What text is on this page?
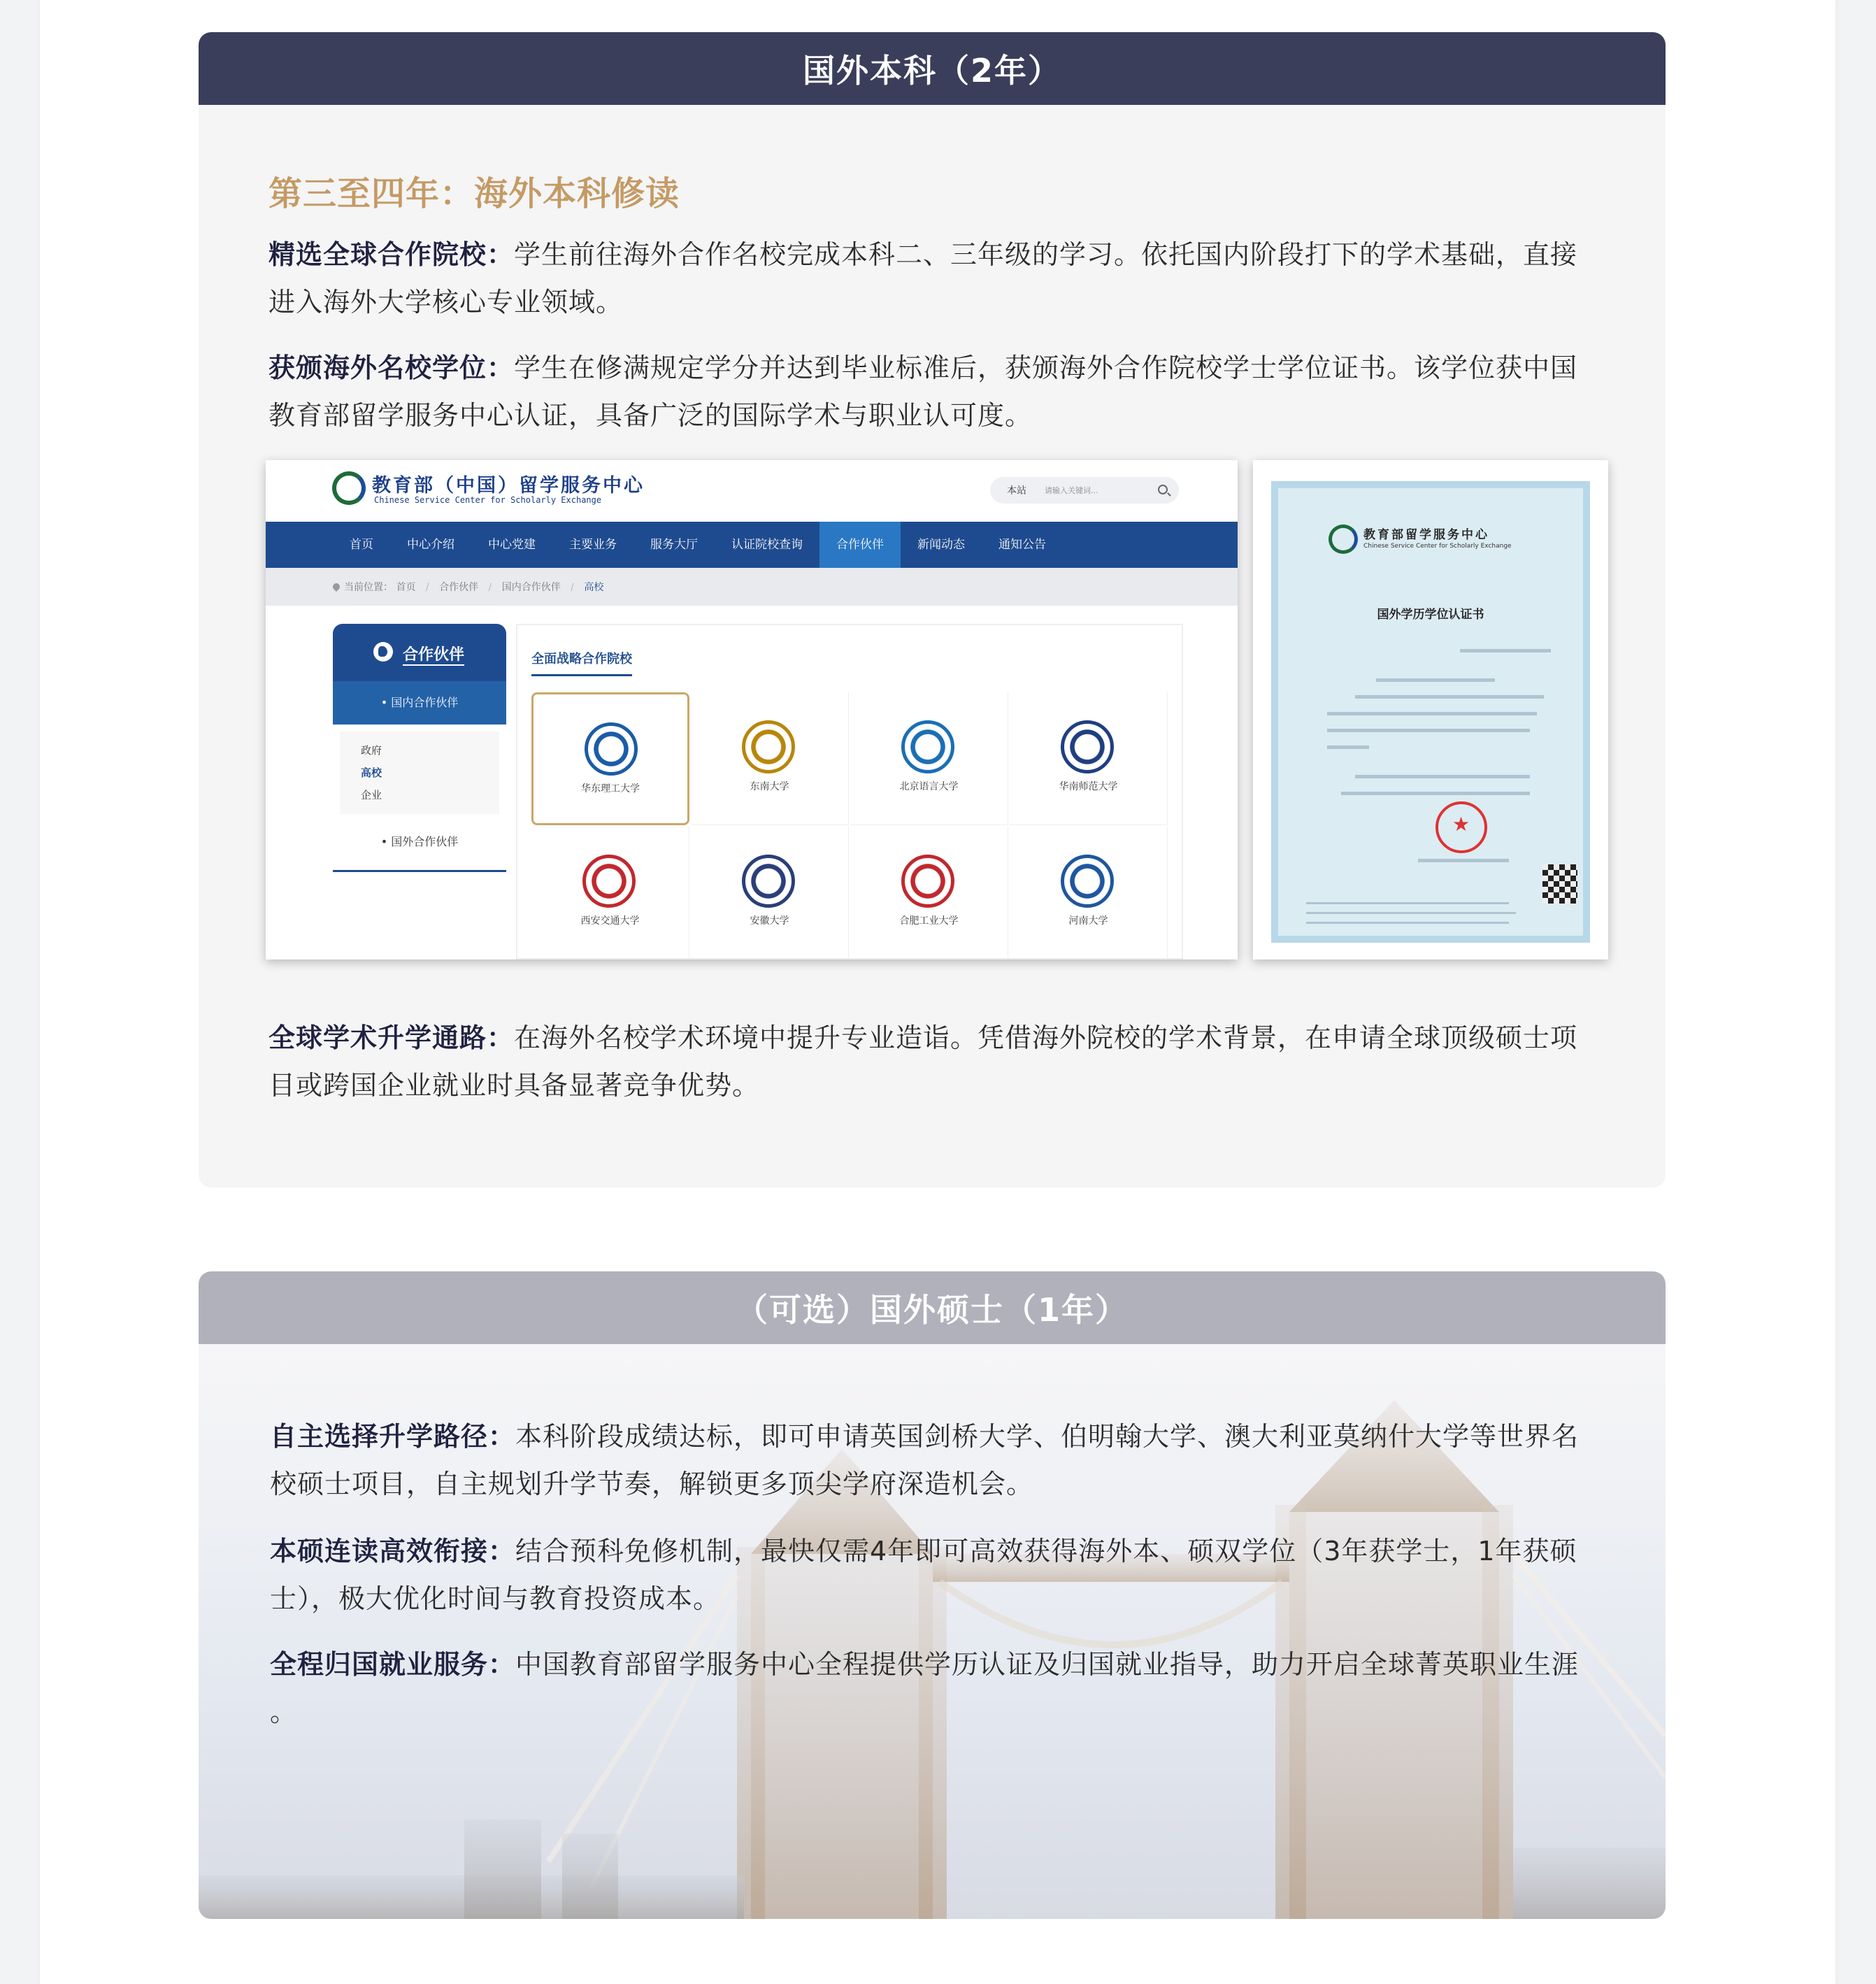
国外本科（2年）
第三至四年：海外本科修读
精选全球合作院校：学生前往海外合作名校完成本科二、三年级的学习。依托国内阶段打下的学术基础，直接进入海外大学核心专业领域。
获颁海外名校学位：学生在修满规定学分并达到毕业标准后，获颁海外合作院校学士学位证书。该学位获中国教育部留学服务中心认证，具备广泛的国际学术与职业认可度。
教育部（中国）留学服务中心
Chinese Service Center for Scholarly Exchange
本站 请输入关键词...
首页	中心介绍	中心党建	主要业务	服务大厅	认证院校查询	合作伙伴	新闻动态	通知公告
当前位置： 首页 / 合作伙伴 / 国内合作伙伴 / 高校
合作伙伴
• 国内合作伙伴
政府
高校
企业
• 国外合作伙伴
全面战略合作院校
华东理工大学	东南大学	北京语言大学	华南师范大学
西安交通大学	安徽大学	合肥工业大学	河南大学
教育部留学服务中心
Chinese Service Center for Scholarly Exchange
国外学历学位认证书
★
全球学术升学通路：在海外名校学术环境中提升专业造诣。凭借海外院校的学术背景，在申请全球顶级硕士项目或跨国企业就业时具备显著竞争优势。
（可选）国外硕士（1年）
自主选择升学路径：本科阶段成绩达标，即可申请英国剑桥大学、伯明翰大学、澳大利亚莫纳什大学等世界名校硕士项目，自主规划升学节奏，解锁更多顶尖学府深造机会。
本硕连读高效衔接：结合预科免修机制，最快仅需4年即可高效获得海外本、硕双学位（3年获学士，1年获硕士），极大优化时间与教育投资成本。
全程归国就业服务：中国教育部留学服务中心全程提供学历认证及归国就业指导，助力开启全球菁英职业生涯 。
